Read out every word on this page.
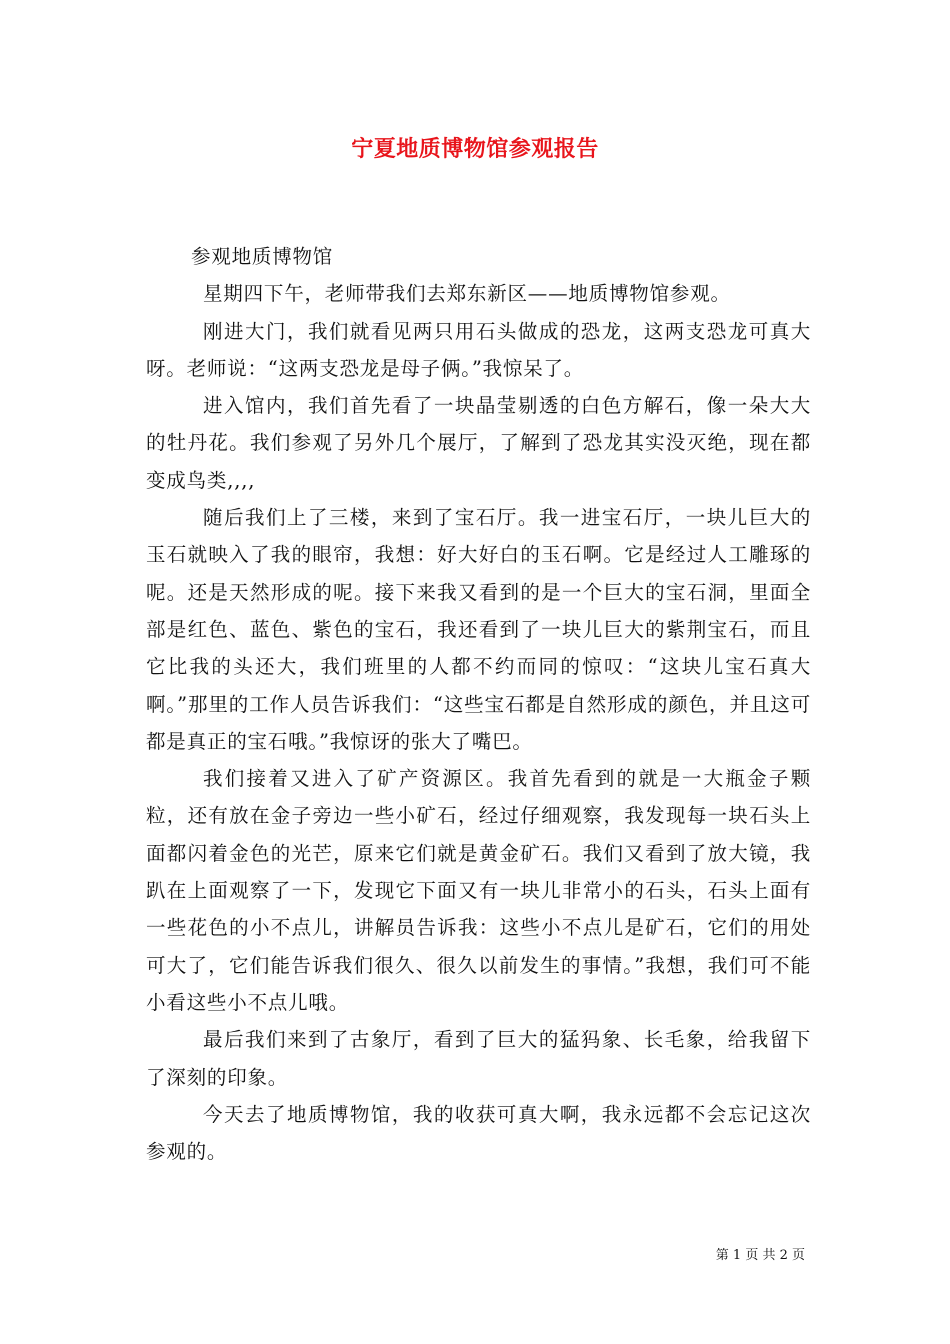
宁夏地质博物馆参观报告

参观地质博物馆

星期四下午，老师带我们去郑东新区——地质博物馆参观。

刚进大门，我们就看见两只用石头做成的恐龙，这两支恐龙可真大呀。老师说：“这两支恐龙是母子俩。”我惊呆了。

进入馆内，我们首先看了一块晶莹剔透的白色方解石，像一朵大大的牡丹花。我们参观了另外几个展厅，了解到了恐龙其实没灭绝，现在都变成鸟类,,,,

随后我们上了三楼，来到了宝石厅。我一进宝石厅，一块儿巨大的玉石就映入了我的眼帘，我想：好大好白的玉石啊。它是经过人工雕琢的呢。还是天然形成的呢。接下来我又看到的是一个巨大的宝石洞，里面全部是红色、蓝色、紫色的宝石，我还看到了一块儿巨大的紫荆宝石，而且它比我的头还大，我们班里的人都不约而同的惊叹：“这块儿宝石真大啊。”那里的工作人员告诉我们：“这些宝石都是自然形成的颜色，并且这可都是真正的宝石哦。”我惊讶的张大了嘴巴。

我们接着又进入了矿产资源区。我首先看到的就是一大瓶金子颗粒，还有放在金子旁边一些小矿石，经过仔细观察，我发现每一块石头上面都闪着金色的光芒，原来它们就是黄金矿石。我们又看到了放大镜，我趴在上面观察了一下，发现它下面又有一块儿非常小的石头，石头上面有一些花色的小不点儿，讲解员告诉我：这些小不点儿是矿石，它们的用处可大了，它们能告诉我们很久、很久以前发生的事情。”我想，我们可不能小看这些小不点儿哦。

最后我们来到了古象厅，看到了巨大的猛犸象、长毛象，给我留下了深刻的印象。

今天去了地质博物馆，我的收获可真大啊，我永远都不会忘记这次参观的。

第 1 页 共 2 页
